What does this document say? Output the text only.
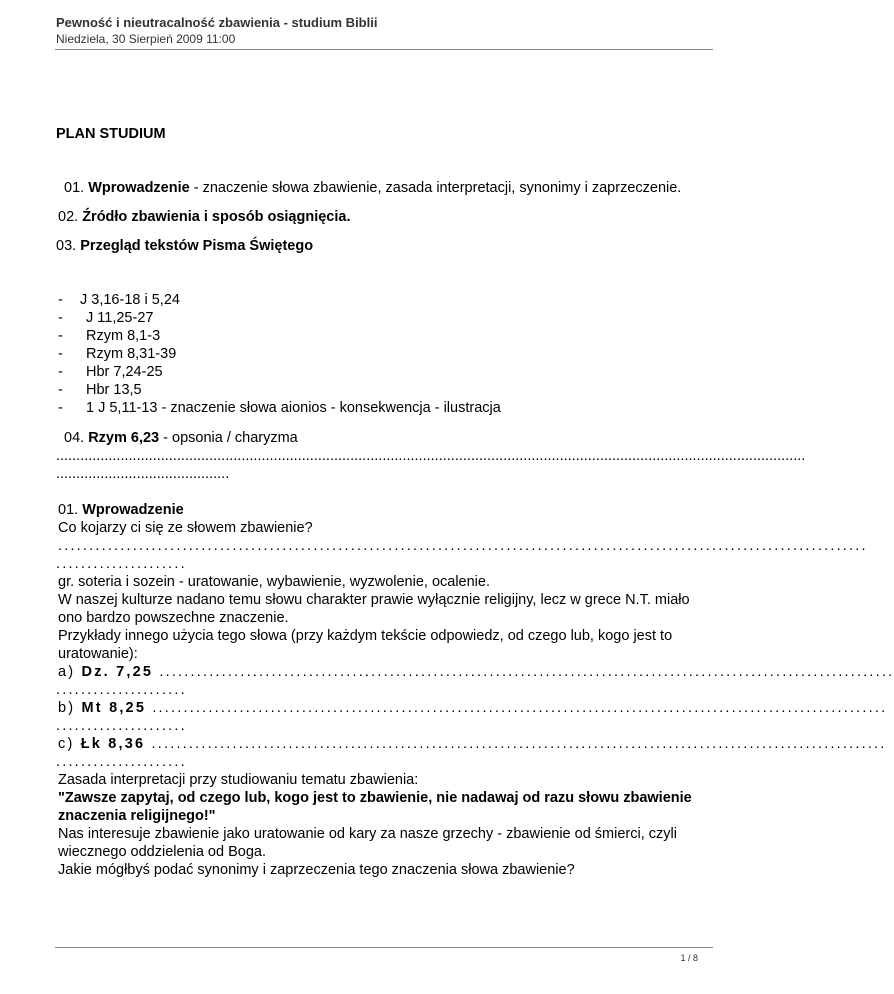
Pewność i nieutracalność zbawienia - studium Biblii
Niedziela, 30 Sierpień 2009 11:00

PLAN STUDIUM

01. Wprowadzenie - znaczenie słowa zbawienie, zasada interpretacji, synonimy i zaprzeczenie.

02. Źródło zbawienia i sposób osiągnięcia.

03. Przegląd tekstów Pisma Świętego

-	J 3,16-18 i 5,24
-	J 11,25-27
-	Rzym 8,1-3
-	Rzym 8,31-39
-	Hbr 7,24-25
-	Hbr 13,5
-	1 J 5,11-13 - znaczenie słowa aionios - konsekwencja - ilustracja

04. Rzym 6,23 - opsonia / charyzma

..........................................................................................................................................................................................
...........................................

01. Wprowadzenie

Co kojarzy ci się ze słowem zbawienie?

..................................................................................................................................
.....................

gr. soteria i sozein - uratowanie, wybawienie, wyzwolenie, ocalenie.

W naszej kulturze nadano temu słowu charakter prawie wyłącznie religijny, lecz w grece N.T. miało ono bardzo powszechne znaczenie.

Przykłady innego użycia tego słowa (przy każdym tekście odpowiedz, od czego lub, kogo jest to uratowanie):

a) Dz. 7,25 ......................................................................................................................
.....................
b) Mt 8,25 ......................................................................................................................
.....................
c) Łk 8,36 ......................................................................................................................
.....................

Zasada interpretacji przy studiowaniu tematu zbawienia:

"Zawsze zapytaj, od czego lub, kogo jest to zbawienie, nie nadawaj od razu słowu zbawienie znaczenia religijnego!"

Nas interesuje zbawienie jako uratowanie od kary za nasze grzechy - zbawienie od śmierci, czyli wiecznego oddzielenia od Boga.

Jakie mógłbyś podać synonimy i zaprzeczenia tego znaczenia słowa zbawienie?

1 / 8
